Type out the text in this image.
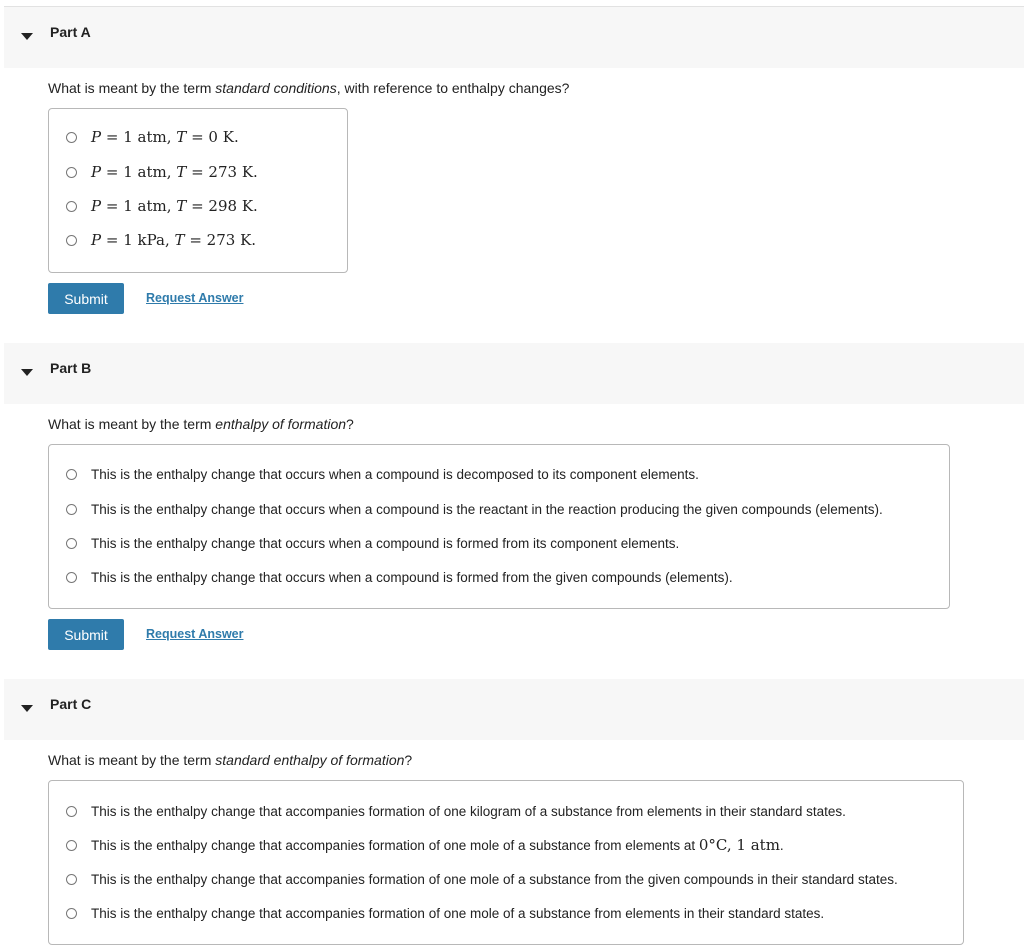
Part A
What is meant by the term standard conditions, with reference to enthalpy changes?
P = 1 atm, T = 0 K.
P = 1 atm, T = 273 K.
P = 1 atm, T = 298 K.
P = 1 kPa, T = 273 K.
Submit	Request Answer
Part B
What is meant by the term enthalpy of formation?
This is the enthalpy change that occurs when a compound is decomposed to its component elements.
This is the enthalpy change that occurs when a compound is the reactant in the reaction producing the given compounds (elements).
This is the enthalpy change that occurs when a compound is formed from its component elements.
This is the enthalpy change that occurs when a compound is formed from the given compounds (elements).
Submit	Request Answer
Part C
What is meant by the term standard enthalpy of formation?
This is the enthalpy change that accompanies formation of one kilogram of a substance from elements in their standard states.
This is the enthalpy change that accompanies formation of one mole of a substance from elements at 0°C, 1 atm.
This is the enthalpy change that accompanies formation of one mole of a substance from the given compounds in their standard states.
This is the enthalpy change that accompanies formation of one mole of a substance from elements in their standard states.
